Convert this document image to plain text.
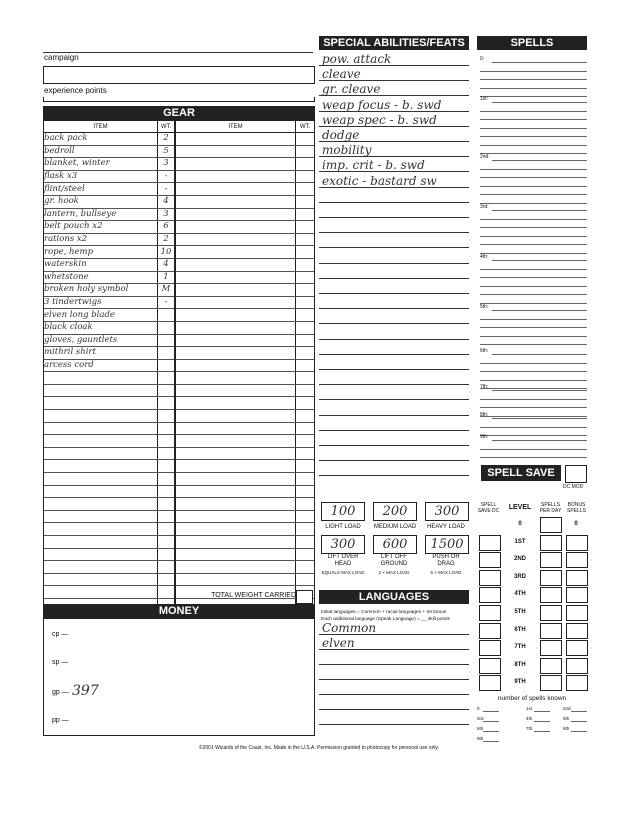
campaign
experience points
GEAR
ITEM	WT.	ITEM	WT.
back pack	2		
bedroll	5		
blanket, winter	3		
flask x3	-		
flint/steel	-		
gr. hook	4		
lantern, bullseye	3		
belt pouch x2	6		
rations x2	2		
rope, hemp	10		
waterskin	4		
whetstone	1		
broken holy symbol	M		
3 tindertwigs	-		
elven long blade			
black cloak			
gloves, gauntlets			
mithril shirt			
arcess cord			

TOTAL WEIGHT CARRIED
MONEY
cp —
sp —
gp — 397
pp —
SPECIAL ABILITIES/FEATS
pow. attack
cleave
gr. cleave
weap focus - b. swd
weap spec - b. swd
dodge
mobility
imp. crit - b. swd
exotic - bastard sw
100
LIGHT LOAD
200
MEDIUM LOAD
300
HEAVY LOAD
300
LIFT OVER HEAD
EQUALS MAX LOAD
600
LIFT OFF GROUND
2 × MAX LOAD
1500
PUSH OR DRAG
5 × MAX LOAD
LANGUAGES
Initial languages = Common + racial languages + Int bonus
Each additional language (Speak Language) = __ skill points
Common
elven
SPELLS
0:
1st:
2nd:
3rd:
4th:
5th:
6th:
7th:
8th:
9th:
SPELL SAVE
DC MOD
SPELL SAVE DC	LEVEL	SPELLS PER DAY
BONUS SPELLS
0
0
1ST
2ND
3RD
4TH
5TH
6TH
7TH
8TH
9TH
number of spells known
0	1st	2nd
3rd	4th	5th
6th	7th	8th
9th
©2001 Wizards of the Coast, Inc. Made in the U.S.A. Permission granted to photocopy for personal use only.
